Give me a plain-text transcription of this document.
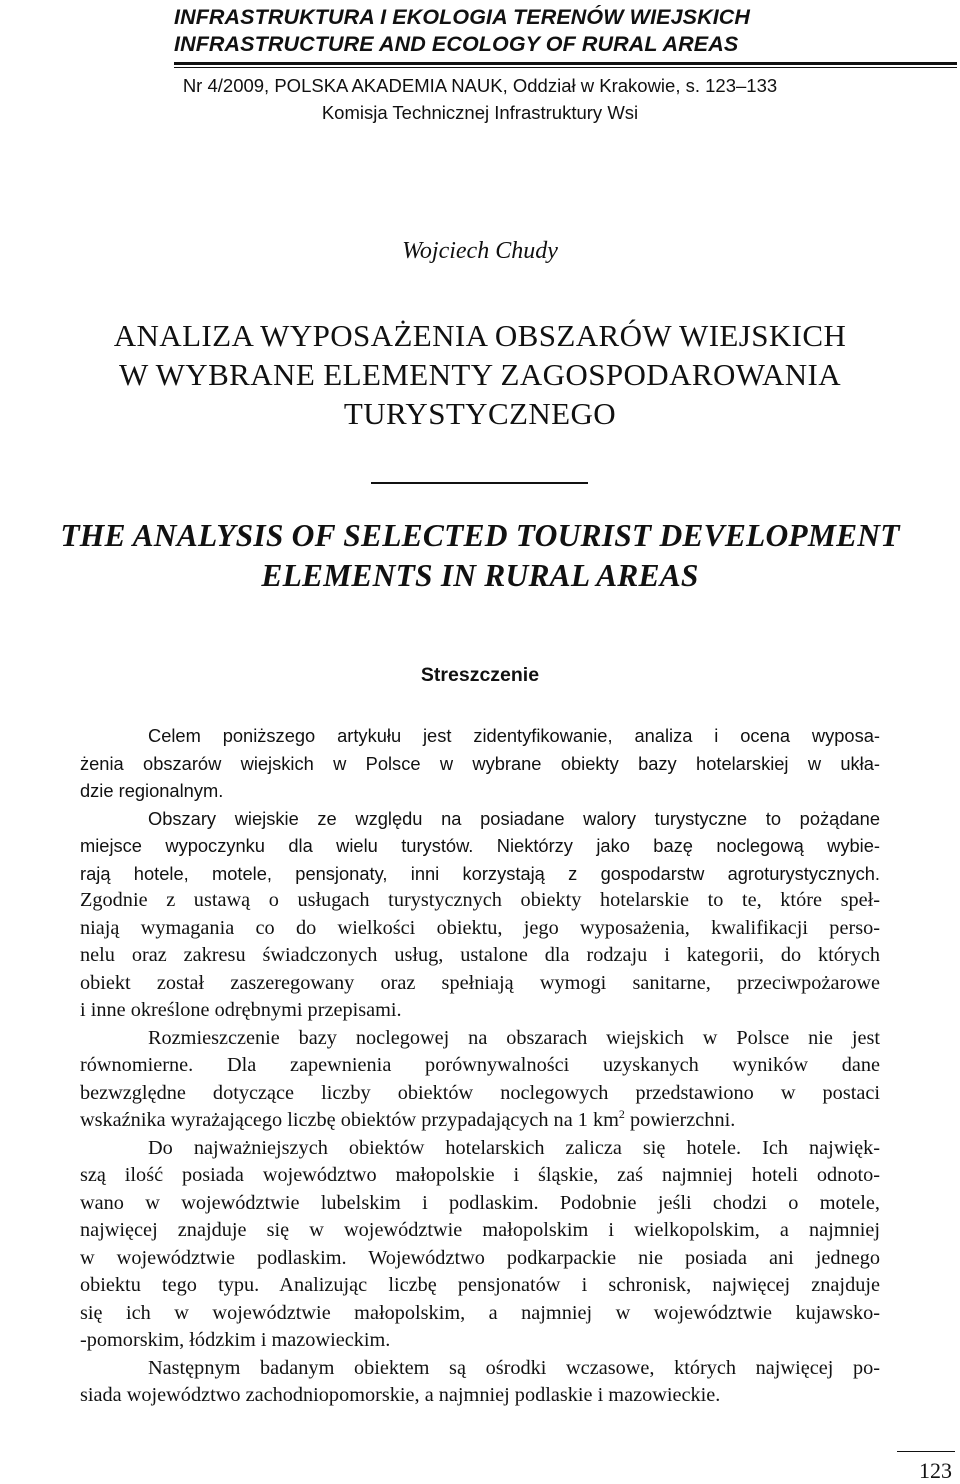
INFRASTRUKTURA I EKOLOGIA TERENÓW WIEJSKICH
INFRASTRUCTURE AND ECOLOGY OF RURAL AREAS
Nr 4/2009, POLSKA AKADEMIA NAUK, Oddział w Krakowie, s. 123–133
Komisja Technicznej Infrastruktury Wsi
Wojciech Chudy
ANALIZA WYPOSAŻENIA OBSZARÓW WIEJSKICH
W WYBRANE ELEMENTY ZAGOSPODAROWANIA
TURYSTYCZNEGO
THE ANALYSIS OF SELECTED TOURIST DEVELOPMENT
ELEMENTS IN RURAL AREAS
Streszczenie
Celem poniższego artykułu jest zidentyfikowanie, analiza i ocena wyposa-
żenia obszarów wiejskich w Polsce w wybrane obiekty bazy hotelarskiej w ukła-
dzie regionalnym.
Obszary wiejskie ze względu na posiadane walory turystyczne to pożądane
miejsce wypoczynku dla wielu turystów. Niektórzy jako bazę noclegową wybie-
rają hotele, motele, pensjonaty, inni korzystają z gospodarstw agroturystycznych.
Zgodnie z ustawą o usługach turystycznych obiekty hotelarskie to te, które speł-
niają wymagania co do wielkości obiektu, jego wyposażenia, kwalifikacji perso-
nelu oraz zakresu świadczonych usług, ustalone dla rodzaju i kategorii, do których
obiekt został zaszeregowany oraz spełniają wymogi sanitarne, przeciwpożarowe
i inne określone odrębnymi przepisami.
Rozmieszczenie bazy noclegowej na obszarach wiejskich w Polsce nie jest
równomierne. Dla zapewnienia porównywalności uzyskanych wyników dane
bezwzględne dotyczące liczby obiektów noclegowych przedstawiono w postaci
wskaźnika wyrażającego liczbę obiektów przypadających na 1 $km^2$ powierzchni.
Do najważniejszych obiektów hotelarskich zalicza się hotele. Ich najwięk-
szą ilość posiada województwo małopolskie i śląskie, zaś najmniej hoteli odnoto-
wano w województwie lubelskim i podlaskim. Podobnie jeśli chodzi o motele,
najwięcej znajduje się w województwie małopolskim i wielkopolskim, a najmniej
w województwie podlaskim. Województwo podkarpackie nie posiada ani jednego
obiektu tego typu. Analizując liczbę pensjonatów i schronisk, najwięcej znajduje
się ich w województwie małopolskim, a najmniej w województwie kujawsko-
-pomorskim, łódzkim i mazowieckim.
Następnym badanym obiektem są ośrodki wczasowe, których najwięcej po-
siada województwo zachodniopomorskie, a najmniej podlaskie i mazowieckie.
123
